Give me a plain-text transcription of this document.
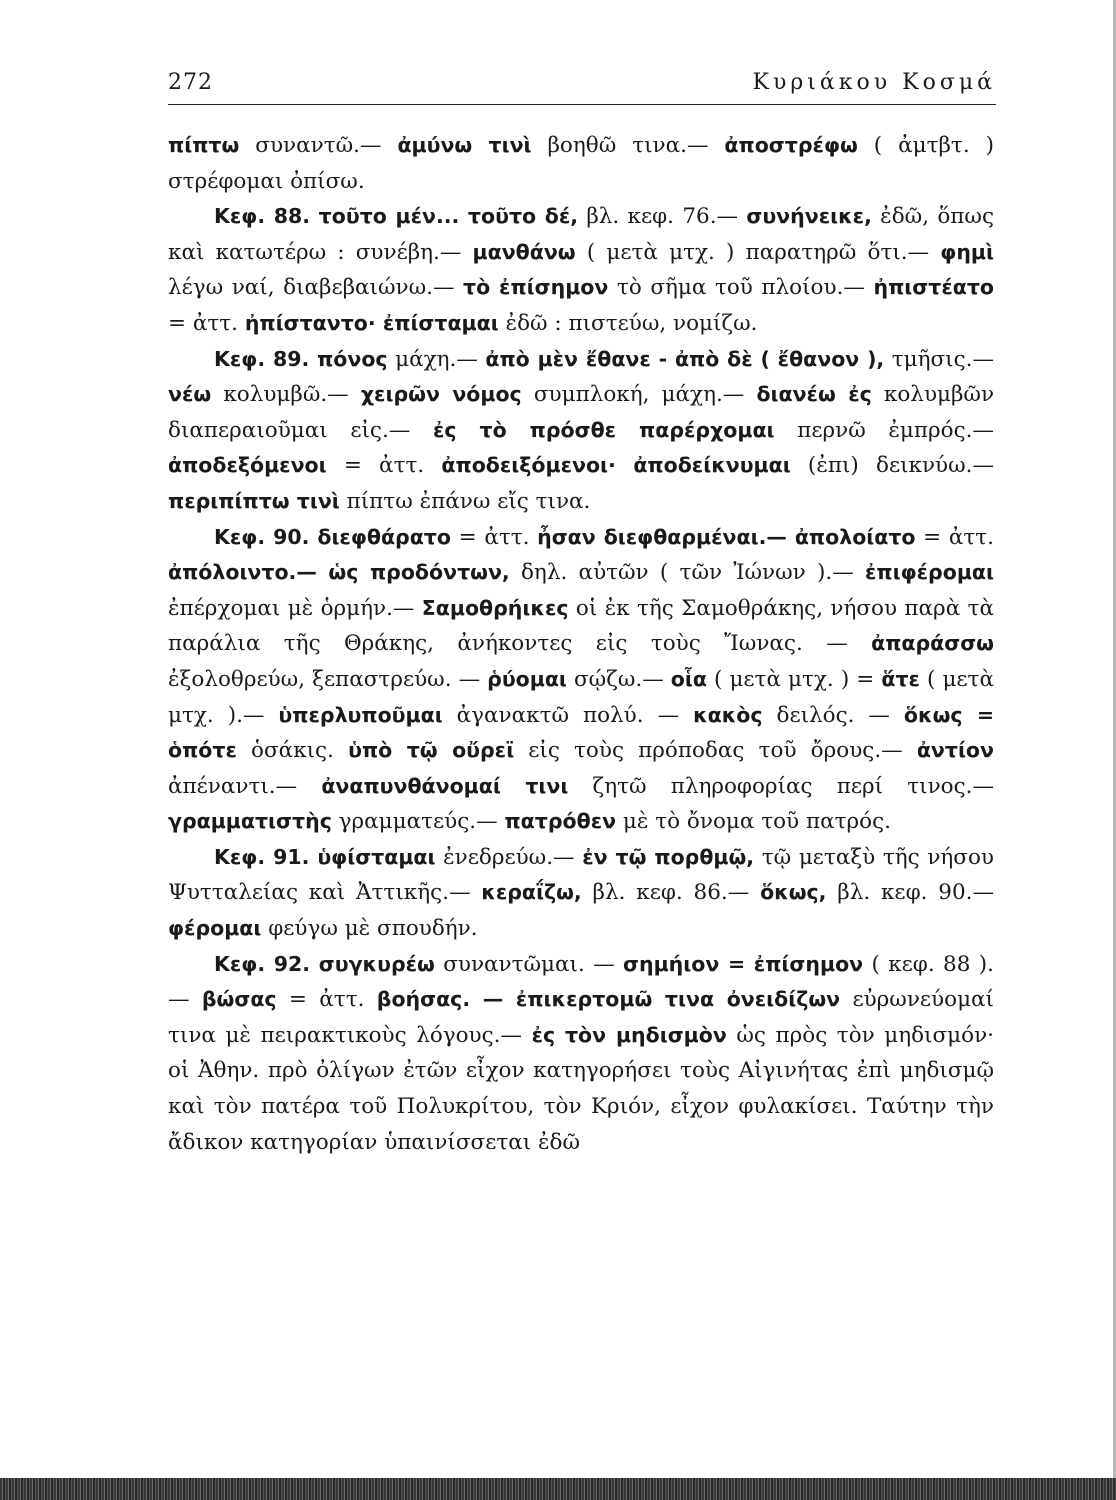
272	Κυριάκου Κοσμά

πίπτω συναντῶ.— ἀμύνω τινὶ βοηθῶ τινα.— ἀποστρέφω ( ἀμτβτ. ) στρέφομαι ὀπίσω.

Κεφ. 88. τοῦτο μέν... τοῦτο δέ, βλ. κεφ. 76.— συνήνεικε, ἐδῶ, ὅπως καὶ κατωτέρω : συνέβη.— μανθάνω ( μετὰ μτχ. ) παρατηρῶ ὅτι.— φημὶ λέγω ναί, διαβεβαιώνω.— τὸ ἐπίσημον τὸ σῆμα τοῦ πλοίου.— ἠπιστέατο = ἀττ. ἠπίσταντο· ἐπίσταμαι ἐδῶ : πιστεύω, νομίζω.

Κεφ. 89. πόνος μάχη.— ἀπὸ μὲν ἔθανε - ἀπὸ δὲ ( ἔθανον ), τμῆσις.— νέω κολυμβῶ.— χειρῶν νόμος συμπλοκή, μάχη.— διανέω ἐς κολυμβῶν διαπεραιοῦμαι εἰς.— ἐς τὸ πρόσθε παρέρχομαι περνῶ ἐμπρός.— ἀποδεξόμενοι = ἀττ. ἀποδειξόμενοι· ἀποδείκνυμαι (ἐπι) δεικνύω.— περιπίπτω τινὶ πίπτω ἐπάνω εἴς τινα.

Κεφ. 90. διεφθάρατο = ἀττ. ἦσαν διεφθαρμέναι.— ἀπολοίατο = ἀττ. ἀπόλοιντο.— ὡς προδόντων, δηλ. αὐτῶν ( τῶν Ἰώνων ).— ἐπιφέρομαι ἐπέρχομαι μὲ ὁρμήν.— Σαμοθρήικες οἱ ἐκ τῆς Σαμοθράκης, νήσου παρὰ τὰ παράλια τῆς Θράκης, ἀνήκοντες εἰς τοὺς Ἴωνας. — ἀπαράσσω ἐξολοθρεύω, ξεπαστρεύω. — ῥύομαι σῴζω.— οἷα ( μετὰ μτχ. ) = ἅτε ( μετὰ μτχ. ).— ὑπερλυποῦμαι ἀγανακτῶ πολύ. — κακὸς δειλός. — ὅκως = ὁπότε ὁσάκις. ὑπὸ τῷ οὔρεϊ εἰς τοὺς πρόποδας τοῦ ὄρους.— ἀντίον ἀπέναντι.— ἀναπυνθάνομαί τινι ζητῶ πληροφορίας περί τινος.— γραμματιστὴς γραμματεύς.— πατρόθεν μὲ τὸ ὄνομα τοῦ πατρός.

Κεφ. 91. ὑφίσταμαι ἐνεδρεύω.— ἐν τῷ πορθμῷ, τῷ μεταξὺ τῆς νήσου Ψυτταλείας καὶ Ἀττικῆς.— κεραΐζω, βλ. κεφ. 86.— ὅκως, βλ. κεφ. 90.— φέρομαι φεύγω μὲ σπουδήν.

Κεφ. 92. συγκυρέω συναντῶμαι. — σημήιον = ἐπίσημον ( κεφ. 88 ).— βώσας = ἀττ. βοήσας. — ἐπικερτομῶ τινα ὀνειδίζων εὐρωνεύομαί τινα μὲ πειρακτικοὺς λόγους.— ἐς τὸν μηδισμὸν ὡς πρὸς τὸν μηδισμόν· οἱ Ἀθην. πρὸ ὀλίγων ἐτῶν εἶχον κατηγορήσει τοὺς Αἰγινήτας ἐπὶ μηδισμῷ καὶ τὸν πατέρα τοῦ Πολυκρίτου, τὸν Κριόν, εἶχον φυλακίσει. Ταύτην τὴν ἄδικον κατηγορίαν ὑπαινίσσεται ἐδῶ
